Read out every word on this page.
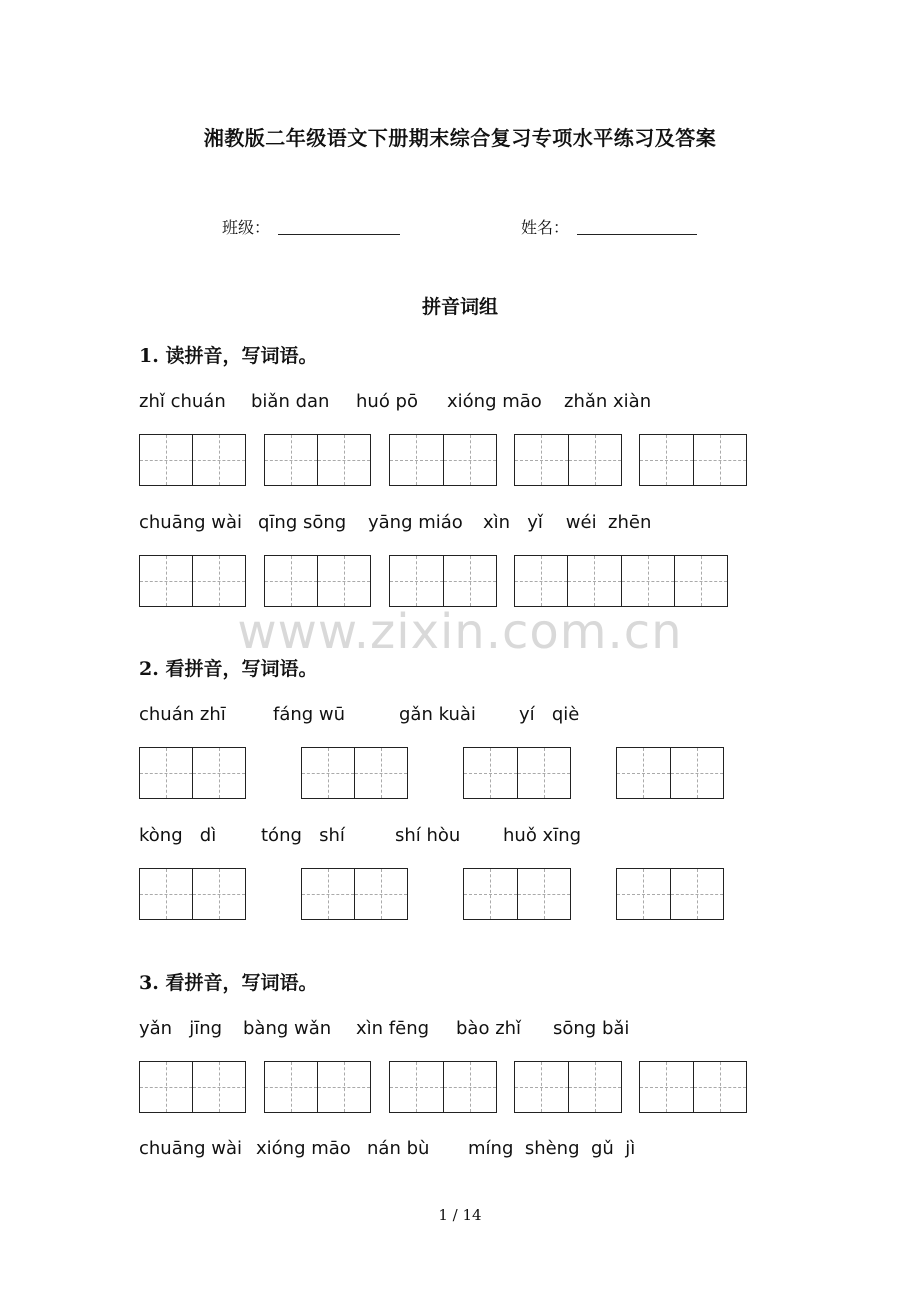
湘教版二年级语文下册期末综合复习专项水平练习及答案
班级：	姓名：
拼音词组
1. 读拼音，写词语。
zhǐ chuán biǎn dan huó pō xióng māo zhǎn xiàn
chuāng wài qīng sōng yāng miáo xìn   yǐ    wéi  zhēn
www.zixin.com.cn
2. 看拼音，写词语。
chuán zhī	fáng wū	gǎn kuài yí   qiè
kòng   dì tóng   shí	shí hòu huǒ xīng
3. 看拼音，写词语。
yǎn   jīng bàng wǎn xìn fēng bào zhǐ sōng bǎi
chuāng wài xióng māo nán bù míng  shèng  gǔ  jì
1 / 14
